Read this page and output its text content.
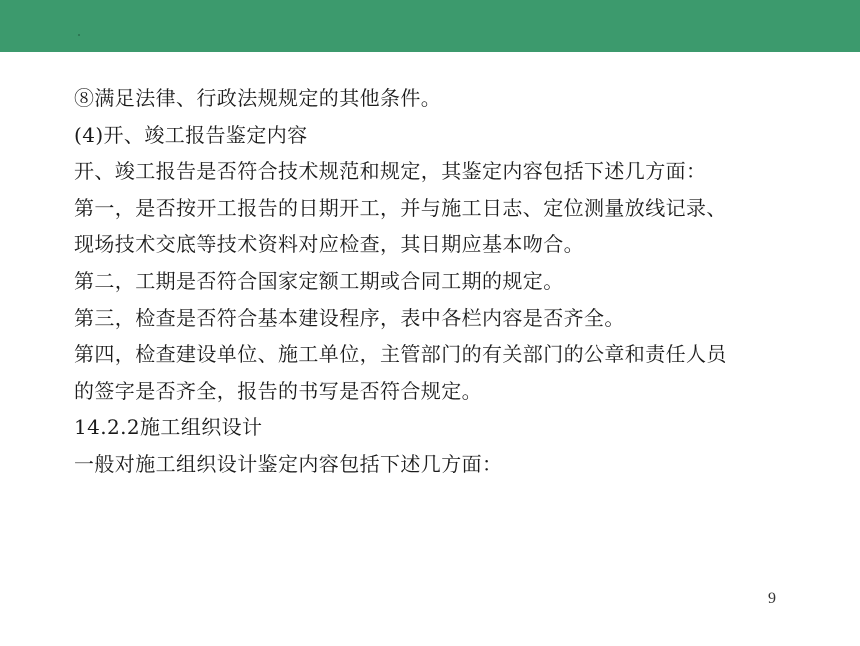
⑧满足法律、行政法规规定的其他条件。
(4)开、竣工报告鉴定内容
开、竣工报告是否符合技术规范和规定，其鉴定内容包括下述几方面：
第一，是否按开工报告的日期开工，并与施工日志、定位测量放线记录、
现场技术交底等技术资料对应检查，其日期应基本吻合。
第二，工期是否符合国家定额工期或合同工期的规定。
第三，检查是否符合基本建设程序，表中各栏内容是否齐全。
第四，检查建设单位、施工单位，主管部门的有关部门的公章和责任人员
的签字是否齐全，报告的书写是否符合规定。
14.2.2施工组织设计
一般对施工组织设计鉴定内容包括下述几方面：
9
